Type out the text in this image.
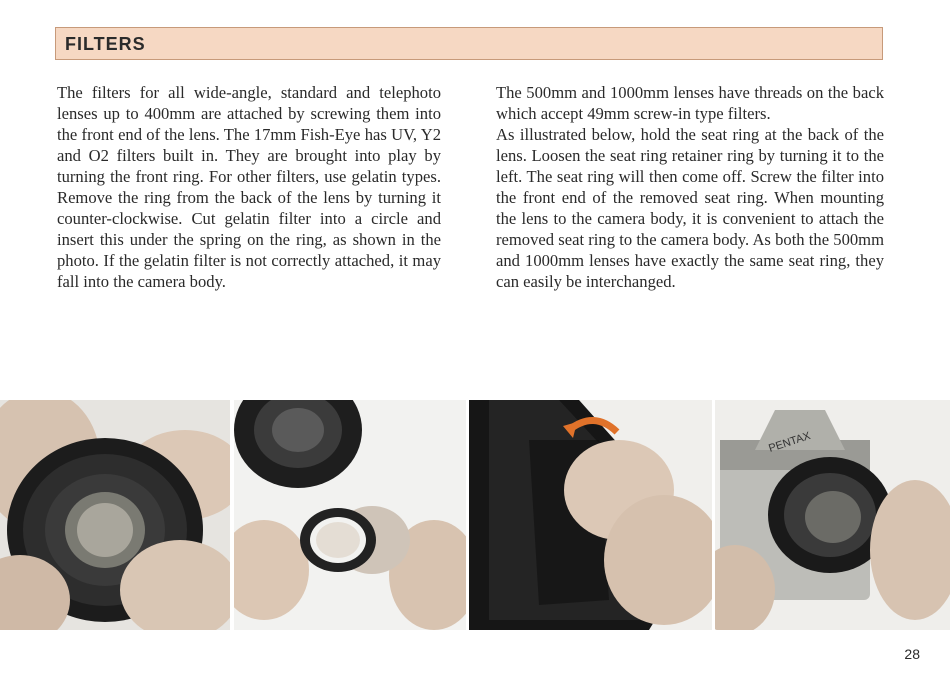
FILTERS

The filters for all wide-angle, standard and telephoto lenses up to 400mm are attached by screwing them into the front end of the lens. The 17mm Fish-Eye has UV, Y2 and O2 filters built in. They are brought into play by turning the front ring. For other filters, use gelatin types. Remove the ring from the back of the lens by turning it counter-clockwise. Cut gelatin filter into a circle and insert this under the spring on the ring, as shown in the photo. If the gelatin filter is not correctly attached, it may fall into the camera body.

The 500mm and 1000mm lenses have threads on the back which accept 49mm screw-in type filters.

As illustrated below, hold the seat ring at the back of the lens. Loosen the seat ring retainer ring by turning it to the left. The seat ring will then come off. Screw the filter into the front end of the removed seat ring. When mounting the lens to the camera body, it is convenient to attach the removed seat ring to the camera body. As both the 500mm and 1000mm lenses have exactly the same seat ring, they can easily be interchanged.

PENTAX
28
